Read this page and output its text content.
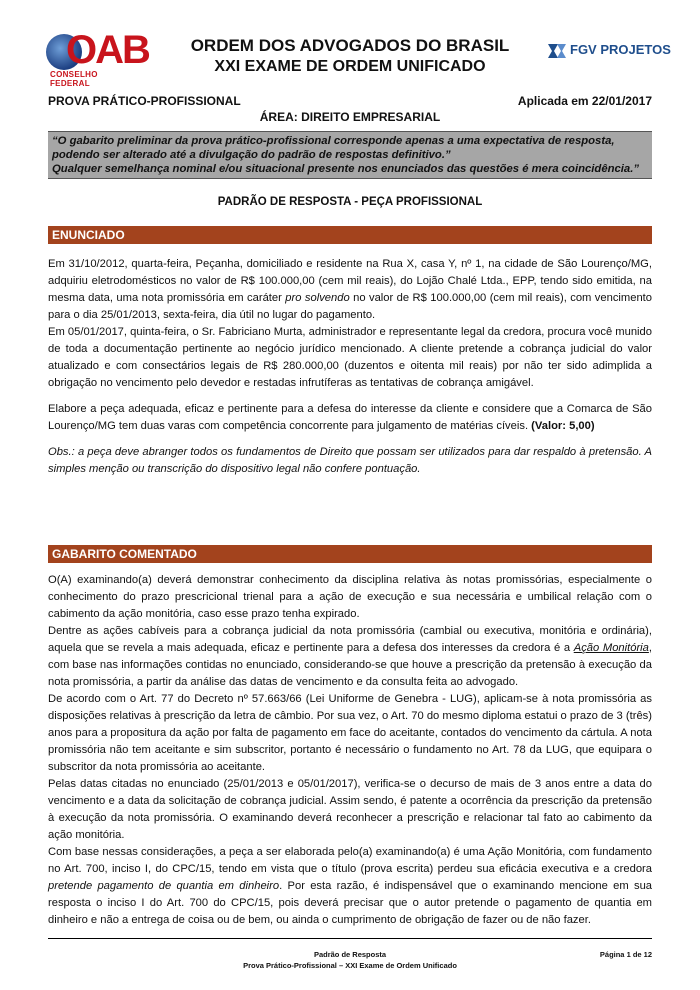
OAB
CONSELHO FEDERAL
ORDEM DOS ADVOGADOS DO BRASIL
XXI EXAME DE ORDEM UNIFICADO
FGV PROJETOS
PROVA PRÁTICO-PROFISSIONAL	Aplicada em 22/01/2017
ÁREA: DIREITO EMPRESARIAL
“O gabarito preliminar da prova prático-profissional corresponde apenas a uma expectativa de resposta, podendo ser alterado até a divulgação do padrão de respostas definitivo.”
Qualquer semelhança nominal e/ou situacional presente nos enunciados das questões é mera coincidência.”
PADRÃO DE RESPOSTA - PEÇA PROFISSIONAL
ENUNCIADO

Em 31/10/2012, quarta-feira, Peçanha, domiciliado e residente na Rua X, casa Y, nº 1, na cidade de São Lourenço/MG, adquiriu eletrodomésticos no valor de R$ 100.000,00 (cem mil reais), do Lojão Chalé Ltda., EPP, tendo sido emitida, na mesma data, uma nota promissória em caráter pro solvendo no valor de R$ 100.000,00 (cem mil reais), com vencimento para o dia 25/01/2013, sexta-feira, dia útil no lugar do pagamento.

Em 05/01/2017, quinta-feira, o Sr. Fabriciano Murta, administrador e representante legal da credora, procura você munido de toda a documentação pertinente ao negócio jurídico mencionado. A cliente pretende a cobrança judicial do valor atualizado e com consectários legais de R$ 280.000,00 (duzentos e oitenta mil reais) por não ter sido adimplida a obrigação no vencimento pelo devedor e restadas infrutíferas as tentativas de cobrança amigável.

Elabore a peça adequada, eficaz e pertinente para a defesa do interesse da cliente e considere que a Comarca de São Lourenço/MG tem duas varas com competência concorrente para julgamento de matérias cíveis. (Valor: 5,00)

Obs.: a peça deve abranger todos os fundamentos de Direito que possam ser utilizados para dar respaldo à pretensão. A simples menção ou transcrição do dispositivo legal não confere pontuação.

GABARITO COMENTADO

O(A) examinando(a) deverá demonstrar conhecimento da disciplina relativa às notas promissórias, especialmente o conhecimento do prazo prescricional trienal para a ação de execução e sua necessária e umbilical relação com o cabimento da ação monitória, caso esse prazo tenha expirado.

Dentre as ações cabíveis para a cobrança judicial da nota promissória (cambial ou executiva, monitória e ordinária), aquela que se revela a mais adequada, eficaz e pertinente para a defesa dos interesses da credora é a Ação Monitória, com base nas informações contidas no enunciado, considerando-se que houve a prescrição da pretensão à execução da nota promissória, a partir da análise das datas de vencimento e da consulta feita ao advogado.

De acordo com o Art. 77 do Decreto nº 57.663/66 (Lei Uniforme de Genebra - LUG), aplicam-se à nota promissória as disposições relativas à prescrição da letra de câmbio. Por sua vez, o Art. 70 do mesmo diploma estatui o prazo de 3 (três) anos para a propositura da ação por falta de pagamento em face do aceitante, contados do vencimento da cártula. A nota promissória não tem aceitante e sim subscritor, portanto é necessário o fundamento no Art. 78 da LUG, que equipara o subscritor da nota promissória ao aceitante.

Pelas datas citadas no enunciado (25/01/2013 e 05/01/2017), verifica-se o decurso de mais de 3 anos entre a data do vencimento e a data da solicitação de cobrança judicial. Assim sendo, é patente a ocorrência da prescrição da pretensão à execução da nota promissória. O examinando deverá reconhecer a prescrição e relacionar tal fato ao cabimento da ação monitória.

Com base nessas considerações, a peça a ser elaborada pelo(a) examinando(a) é uma Ação Monitória, com fundamento no Art. 700, inciso I, do CPC/15, tendo em vista que o título (prova escrita) perdeu sua eficácia executiva e a credora pretende pagamento de quantia em dinheiro. Por esta razão, é indispensável que o examinando mencione em sua resposta o inciso I do Art. 700 do CPC/15, pois deverá precisar que o autor pretende o pagamento de quantia em dinheiro e não a entrega de coisa ou de bem, ou ainda o cumprimento de obrigação de fazer ou de não fazer.

Padrão de Resposta
Prova Prático-Profissional – XXI Exame de Ordem Unificado
Página 1 de 12
